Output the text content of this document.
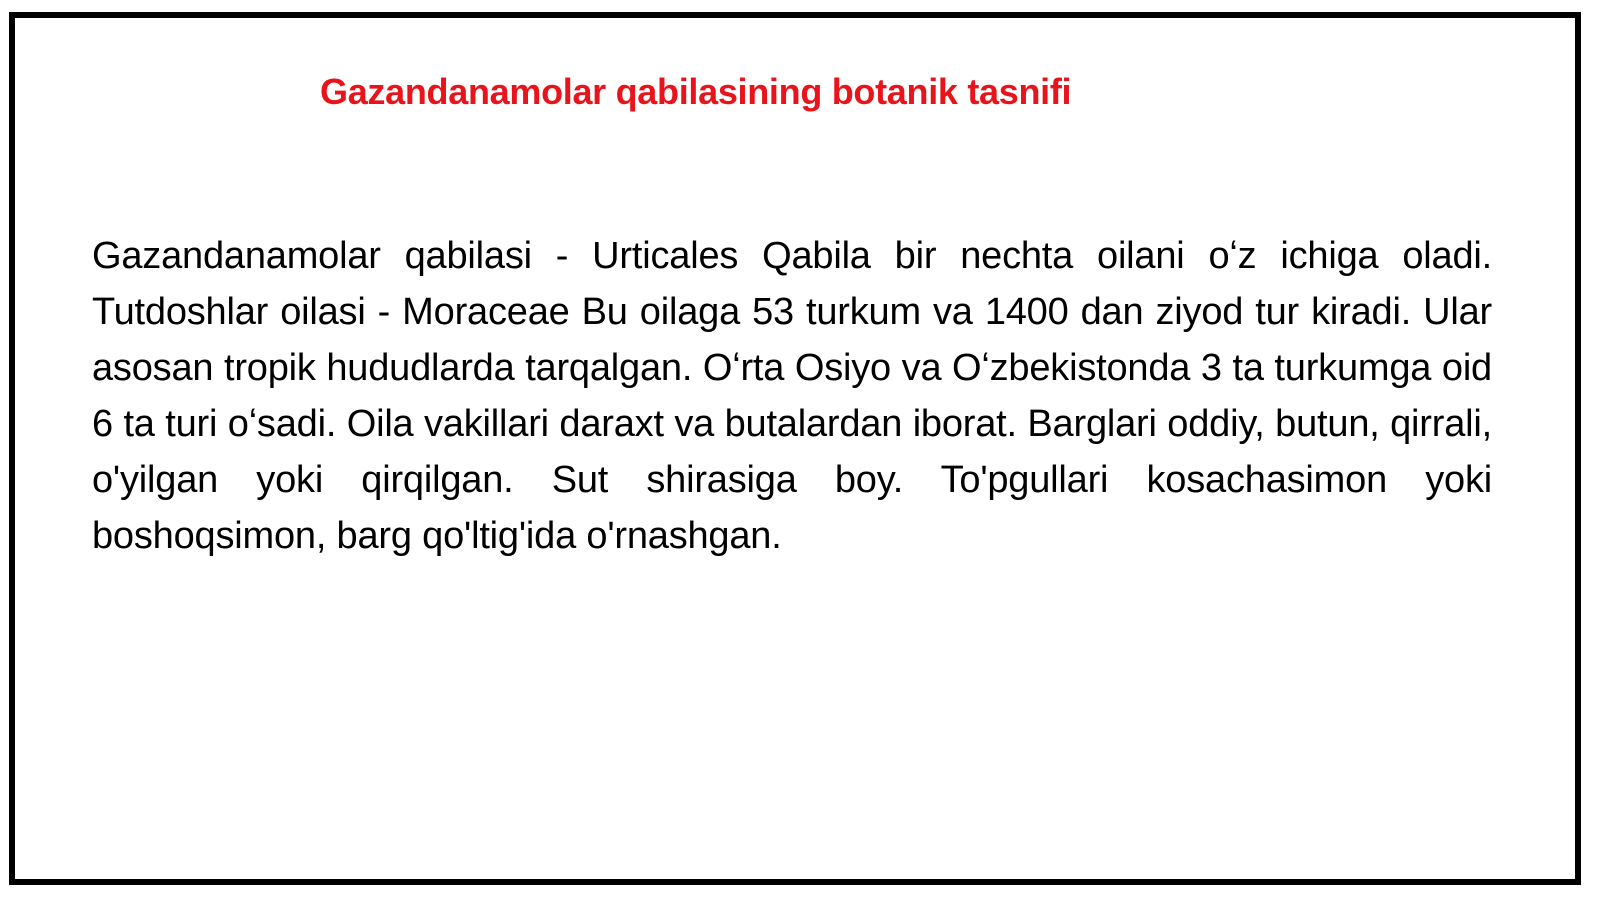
Gazandanamolar qabilasining botanik tasnifi

Gazandanamolar qabilasi - Urticales Qabila bir nechta oilani oʻz ichiga oladi. Tutdoshlar oilasi - Moraceae Bu oilaga 53 turkum va 1400 dan ziyod tur kiradi. Ular asosan tropik hududlarda tarqalgan. Oʻrta Osiyo va Oʻzbekistonda 3 ta turkumga oid 6 ta turi oʻsadi. Oila vakillari daraxt va butalardan iborat. Barglari oddiy, butun, qirrali, o'yilgan yoki qirqilgan. Sut shirasiga boy. To'pgullari kosachasimon yoki boshoqsimon, barg qo'ltig'ida o'rnashgan.
